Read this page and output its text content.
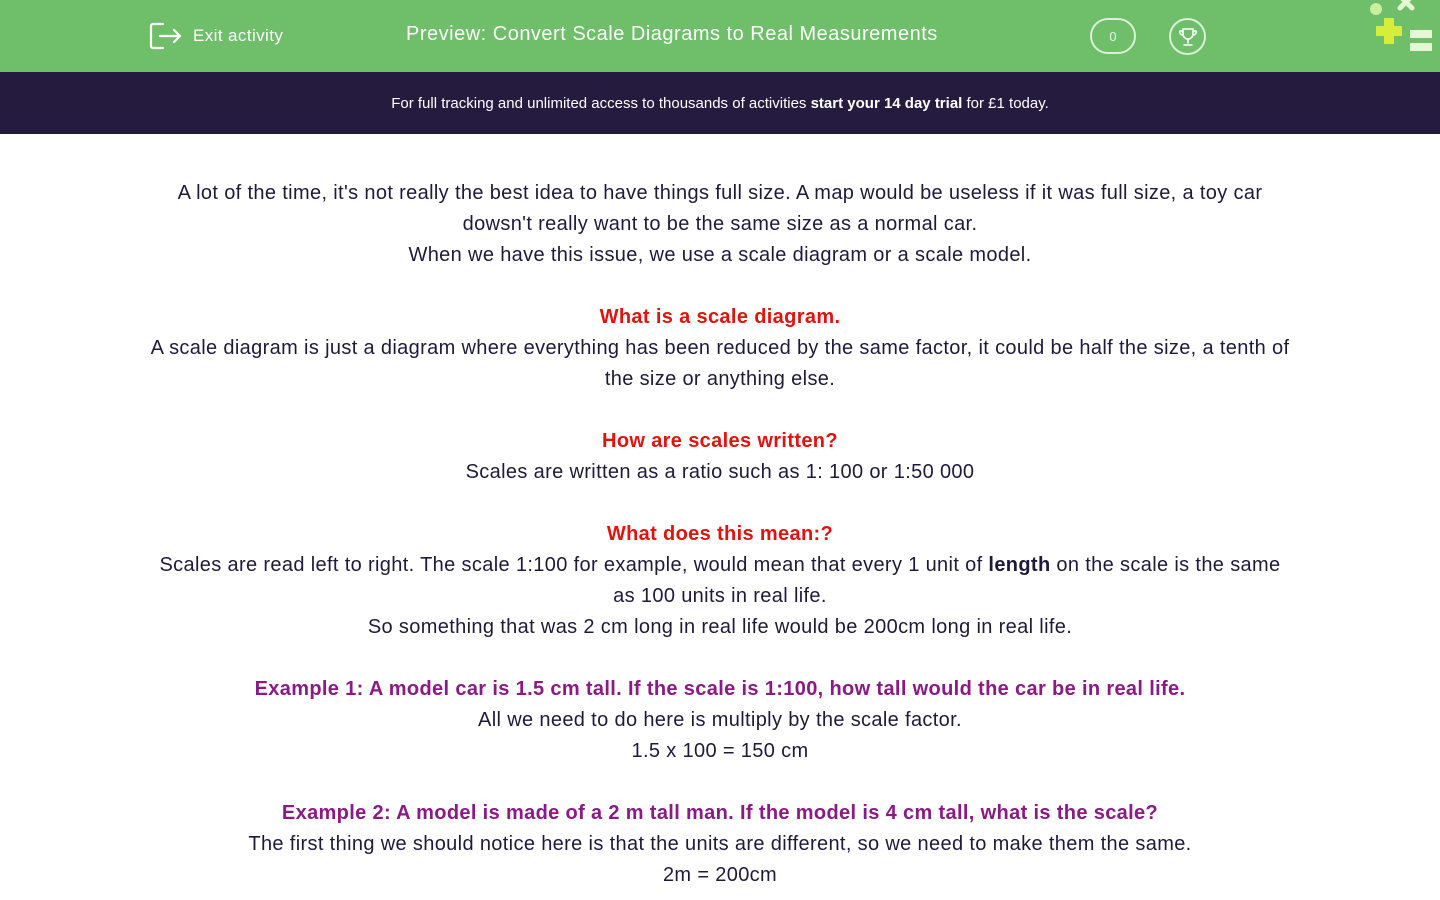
Exit activity	Preview: Convert Scale Diagrams to Real Measurements	0
For full tracking and unlimited access to thousands of activities start your 14 day trial for £1 today.

A lot of the time, it's not really the best idea to have things full size. A map would be useless if it was full size, a toy car dowsn't really want to be the same size as a normal car.

When we have this issue, we use a scale diagram or a scale model.

What is a scale diagram.

A scale diagram is just a diagram where everything has been reduced by the same factor, it could be half the size, a tenth of the size or anything else.

How are scales written?

Scales are written as a ratio such as 1: 100 or 1:50 000

What does this mean:?

Scales are read left to right. The scale 1:100 for example, would mean that every 1 unit of length on the scale is the same as 100 units in real life.

So something that was 2 cm long in real life would be 200cm long in real life.

Example 1: A model car is 1.5 cm tall. If the scale is 1:100, how tall would the car be in real life.

All we need to do here is multiply by the scale factor.

1.5 x 100 = 150 cm

Example 2: A model is made of a 2 m tall man. If the model is 4 cm tall, what is the scale?

The first thing we should notice here is that the units are different, so we need to make them the same.

2m = 200cm
